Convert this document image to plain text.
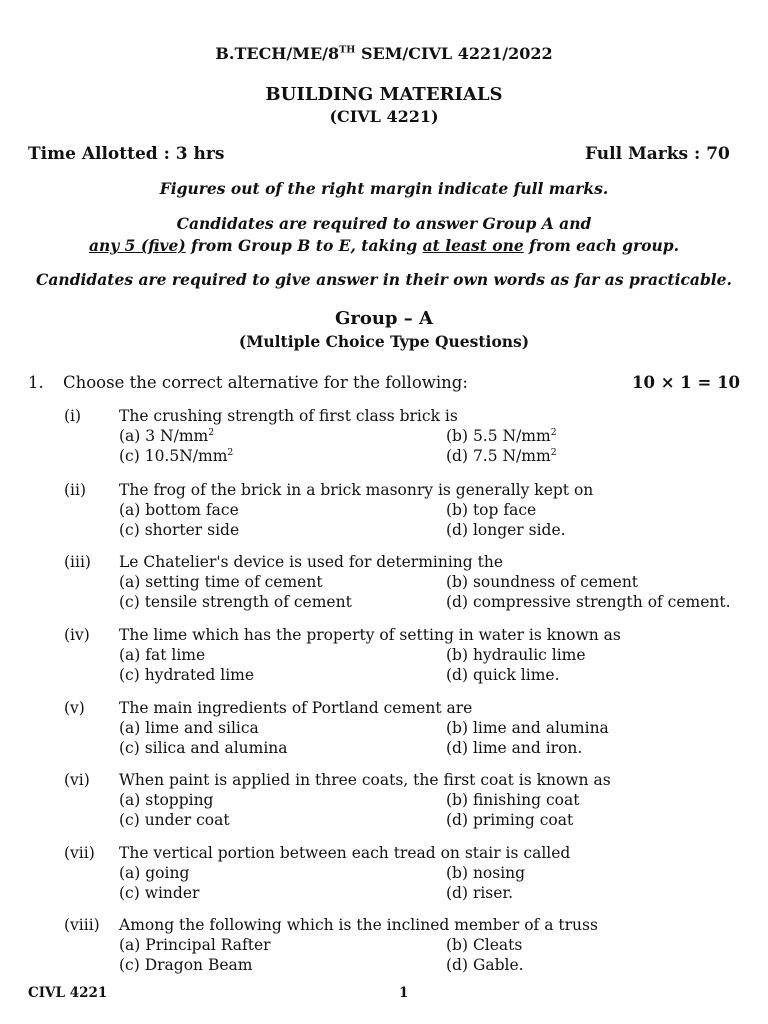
B.TECH/ME/8TH SEM/CIVL 4221/2022
BUILDING MATERIALS
(CIVL 4221)
Time Allotted : 3 hrs	Full Marks : 70
Figures out of the right margin indicate full marks.
Candidates are required to answer Group A and
any 5 (five) from Group B to E, taking at least one from each group.
Candidates are required to give answer in their own words as far as practicable.
Group – A
(Multiple Choice Type Questions)
1. Choose the correct alternative for the following:	10 × 1 = 10
(i) The crushing strength of first class brick is
(a) 3 $N/mm^2$	(b) 5.5 $N/mm^2$
(c) $10.5N/mm^2$	(d) 7.5 $N/mm^2$
(ii) The frog of the brick in a brick masonry is generally kept on
(a) bottom face	(b) top face
(c) shorter side	(d) longer side.
(iii) Le Chatelier's device is used for determining the
(a) setting time of cement	(b) soundness of cement
(c) tensile strength of cement	(d) compressive strength of cement.
(iv) The lime which has the property of setting in water is known as
(a) fat lime	(b) hydraulic lime
(c) hydrated lime	(d) quick lime.
(v) The main ingredients of Portland cement are
(a) lime and silica	(b) lime and alumina
(c) silica and alumina	(d) lime and iron.
(vi) When paint is applied in three coats, the first coat is known as
(a) stopping	(b) finishing coat
(c) under coat	(d) priming coat
(vii) The vertical portion between each tread on stair is called
(a) going	(b) nosing
(c) winder	(d) riser.
(viii) Among the following which is the inclined member of a truss
(a) Principal Rafter	(b) Cleats
(c) Dragon Beam	(d) Gable.
CIVL 4221	1
